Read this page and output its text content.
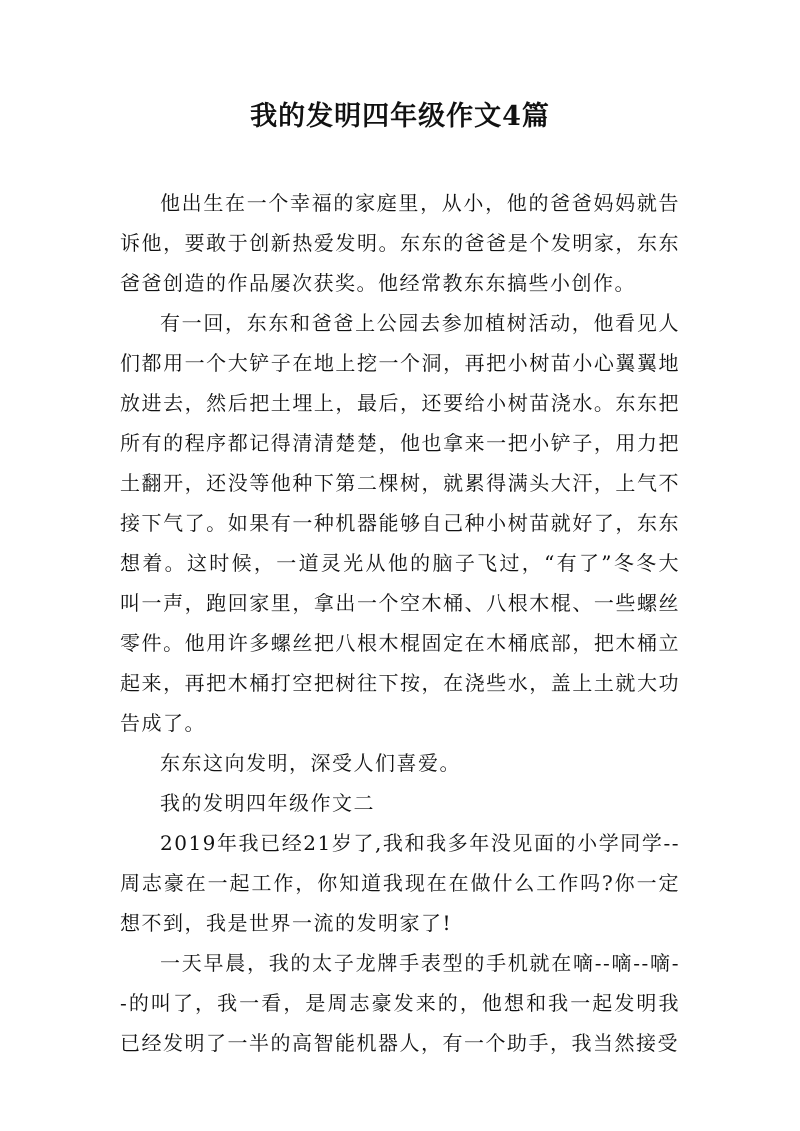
我的发明四年级作文4篇

他出生在一个幸福的家庭里，从小，他的爸爸妈妈就告诉他，要敢于创新热爱发明。东东的爸爸是个发明家，东东爸爸创造的作品屡次获奖。他经常教东东搞些小创作。

有一回，东东和爸爸上公园去参加植树活动，他看见人们都用一个大铲子在地上挖一个洞，再把小树苗小心翼翼地放进去，然后把土埋上，最后，还要给小树苗浇水。东东把所有的程序都记得清清楚楚，他也拿来一把小铲子，用力把土翻开，还没等他种下第二棵树，就累得满头大汗，上气不接下气了。如果有一种机器能够自己种小树苗就好了，东东想着。这时候，一道灵光从他的脑子飞过，“有了”冬冬大叫一声，跑回家里，拿出一个空木桶、八根木棍、一些螺丝零件。他用许多螺丝把八根木棍固定在木桶底部，把木桶立起来，再把木桶打空把树往下按，在浇些水，盖上土就大功告成了。

东东这向发明，深受人们喜爱。

我的发明四年级作文二

2019年我已经21岁了,我和我多年没见面的小学同学--周志豪在一起工作，你知道我现在在做什么工作吗?你一定想不到，我是世界一流的发明家了!

一天早晨，我的太子龙牌手表型的手机就在嘀--嘀--嘀--的叫了，我一看，是周志豪发来的，他想和我一起发明我已经发明了一半的高智能机器人，有一个助手，我当然接受
